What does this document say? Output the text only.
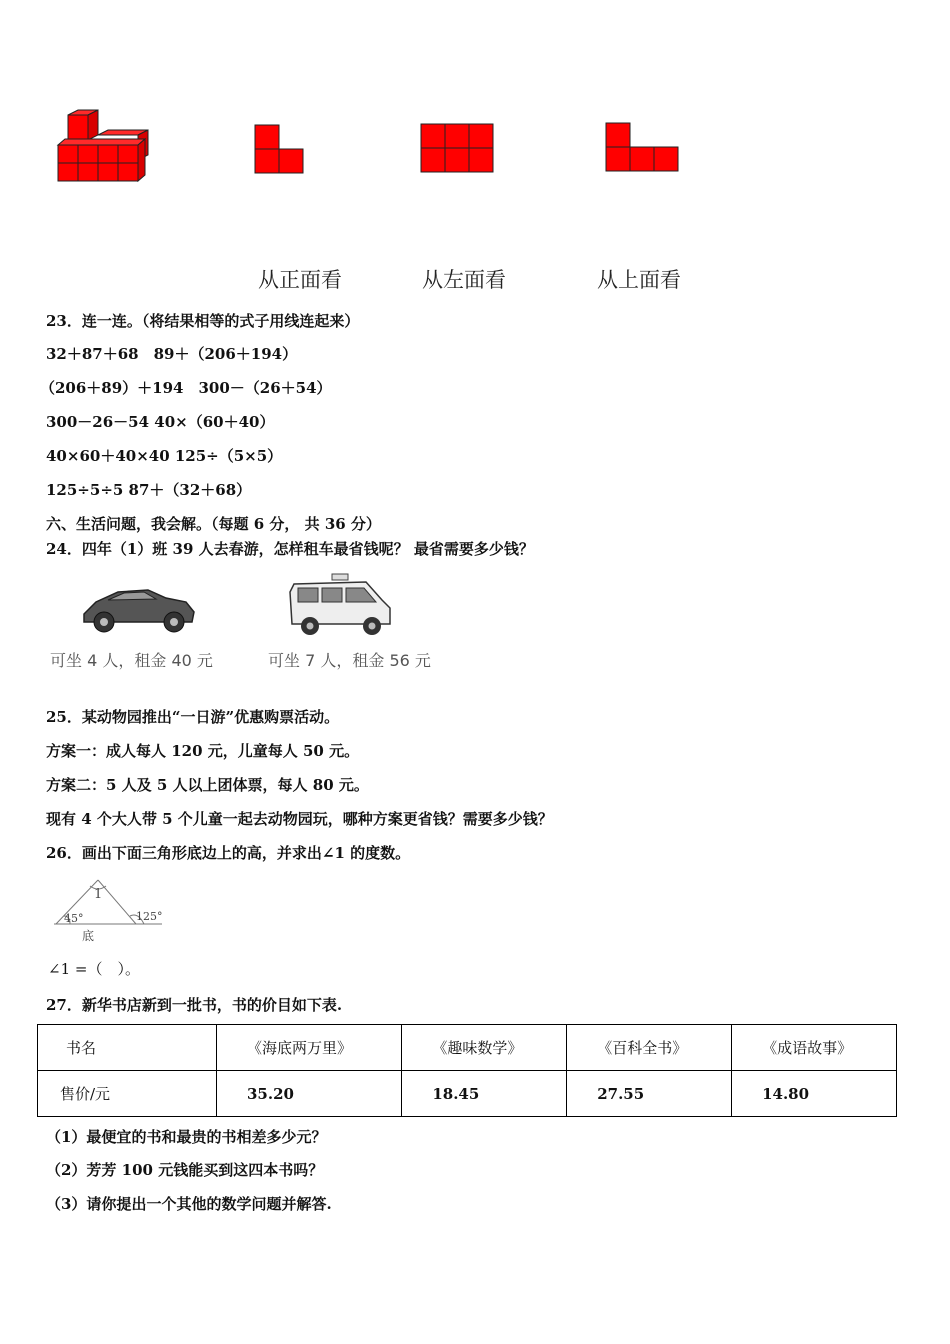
从正面看	从左面看	从上面看
23．连一连。（将结果相等的式子用线连起来）
32＋87＋68　89＋（206＋194）
（206＋89）＋194　300－（26＋54）
300－26－54 40×（60＋40）
40×60＋40×40 125÷（5×5）
125÷5÷5 87＋（32＋68）
六、生活问题，我会解。（每题 6 分， 共 36 分）
24．四年（1）班 39 人去春游，怎样租车最省钱呢？ 最省需要多少钱？
可坐 4 人，租金 40 元	可坐 7 人，租金 56 元
25．某动物园推出“一日游”优惠购票活动。
方案一：成人每人 120 元，儿童每人 50 元。
方案二：5 人及 5 人以上团体票，每人 80 元。
现有 4 个大人带 5 个儿童一起去动物园玩，哪种方案更省钱？需要多少钱？
26．画出下面三角形底边上的高，并求出∠1 的度数。
1
45°	125°
底
∠1 =（　）。
27．新华书店新到一批书，书的价目如下表.
书名	《海底两万里》	《趣味数学》	《百科全书》	《成语故事》
售价/元	35.20	18.45	27.55	14.80
（1）最便宜的书和最贵的书相差多少元？
（2）芳芳 100 元钱能买到这四本书吗？
（3）请你提出一个其他的数学问题并解答.
